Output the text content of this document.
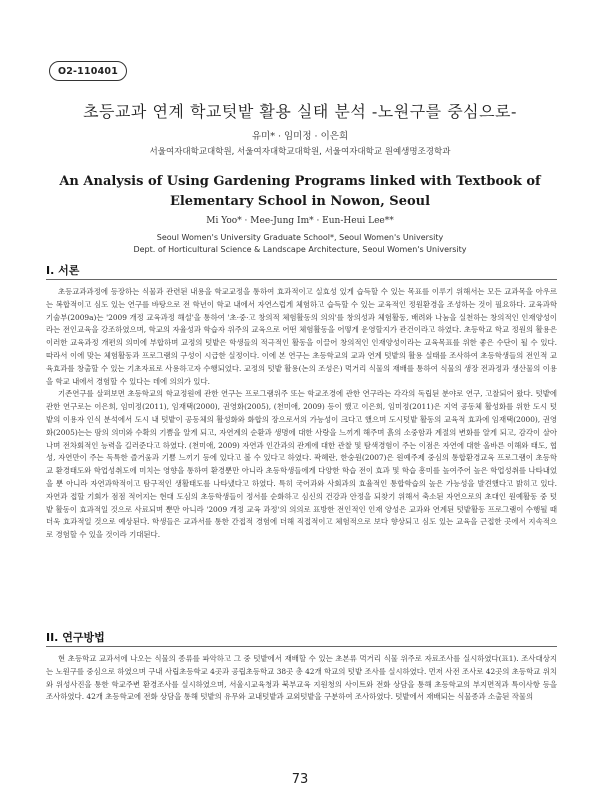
O2-110401
초등교과 연계 학교텃밭 활용 실태 분석 -노원구를 중심으로-
유미* · 임미정 · 이은희
서울여자대학교대학원, 서울여자대학교대학원, 서울여자대학교 원예생명조경학과
An Analysis of Using Gardening Programs linked with Textbook of
Elementary School in Nowon, Seoul
Mi Yoo* · Mee-Jung Im* · Eun-Heui Lee**
Seoul Women's University Graduate School*, Seoul Women's University
Dept. of Horticultural Science & Landscape Architecture, Seoul Women's University
I. 서론

초등교과과정에 등장하는 식물과 관련된 내용을 학교교정을 통하여 효과적이고 실효성 있게 습득할 수 있는 목표를 이루기 위해서는 모든 교과목을 아우르는 복합적이고 심도 있는 연구를 바탕으로 전 학년이 학교 내에서 자연스럽게 체험하고 습득할 수 있는 교육적인 정원환경을 조성하는 것이 필요하다. 교육과학 기술부(2009a)는 '2009 개정 교육과정 해설'을 통하여 '초·중·고 창의적 체험활동의 의의'를 창의성과 체험활동, 배려와 나눔을 실천하는 창의적인 인재양성이라는 전인교육을 강조하였으며, 학교의 자율성과 학습자 위주의 교육으로 어떤 체험활동을 어떻게 운영할지가 관건이라고 하였다. 초등학교 학교 정원의 활용은 이러한 교육과정 개편의 의미에 부합하며 교정의 텃밭은 학생들의 적극적인 활동을 이끌어 창의적인 인재양성이라는 교육목표를 위한 좋은 수단이 될 수 있다. 따라서 이에 맞는 체험활동과 프로그램의 구성이 시급한 실정이다. 이에 본 연구는 초등학교의 교과 연계 텃밭의 활용 실태를 조사하여 초등학생들의 전인적 교육효과를 창출할 수 있는 기초자료로 사용하고자 수행되었다. 교정의 텃밭 활용(논의 조성은) 먹거리 식물의 재배를 통하여 식물의 생장 전과정과 생산물의 이용을 학교 내에서 경험할 수 있다는 데에 의의가 있다.

기존연구를 살펴보면 초등학교의 학교정원에 관한 연구는 프로그램위주 또는 학교조경에 관한 연구라는 각각의 독립된 분야로 연구, 고찰되어 왔다. 텃밭에 관한 연구로는 이은희, 임미정(2011), 임재택(2000), 권영화(2005), (천미애, 2009) 등이 했고 이은희, 임미정(2011)은 지역 공동체 활성화를 위한 도시 텃밭의 이용자 인식 분석에서 도시 내 텃밭이 공동체의 활성화와 화합의 장으로서의 가능성이 크다고 했으며 도시텃밭 활동의 교육적 효과에 임재택(2000), 권영화(2005)는는 땀의 의미와 수확의 기쁨을 알게 되고, 자연계의 순환과 생명에 대한 사랑을 느끼게 해주며 흙의 소중함과 계절의 변화를 알게 되고, 감각이 살아나며 전차회적인 능력을 길러준다고 하였다. (천미애, 2009) 자연과 인간과의 관계에 대한 관찰 및 탐색경험이 주는 이점은 자연에 대한 올바른 이해와 태도, 협성, 자연만이 주는 독특한 즐거움과 기쁨 느끼기 등에 있다고 볼 수 있다고 하였다. 곽혜란, 한숭원(2007)은 원예주제 중심의 통합환경교육 프로그램이 초등학교 환경태도와 학업성취도에 미치는 영향을 통하여 환경뿐만 아니라 초등학생들에게 다양한 학습 전이 효과 및 학습 흥미를 높여주어 높은 학업성취를 나타내었을 뿐 아니라 자연과학적이고 탐구적인 생활태도를 나타냈다고 하였다. 특히 국어과와 사회과의 효율적인 통합학습의 높은 가능성을 발견했다고 밝히고 있다. 자연과 접할 기회가 점점 적어지는 현대 도심의 초등학생들이 정서를 순화하고 심신의 건강과 안정을 되찾기 위해서 축소된 자연으로의 초대인 원예활동 중 텃밭 활동이 효과적일 것으로 사료되며 뿐만 아니라 '2009 개정 교육 과정'의 의의로 표방한 전인적인 인재 양성은 교과와 연계된 텃밭활동 프로그램이 수행될 때 더욱 효과적일 것으로 예상된다. 학생들은 교과서를 통한 간접적 경험에 더해 직접적이고 체험적으로 보다 향상되고 심도 있는 교육을 근접한 곳에서 지속적으로 경험할 수 있을 것이라 기대된다.

II. 연구방법

현 초등학교 교과서에 나오는 식물의 종류를 파악하고 그 중 텃밭에서 재배할 수 있는 초본류 먹거리 식물 위주로 자료조사를 실시하였다(표1). 조사대상지는 노원구를 중심으로 하였으며 구내 사립초등학교 4곳과 공립초등학교 38곳 총 42개 학교의 텃밭 조사를 실시하였다. 먼저 사전 조사로 42곳의 초등학교 위치와 위성사진을 통한 학교주변 환경조사를 실시하였으며, 서울시교육청과 북부교육 지원청의 사이트와 전화 상담을 통해 초등학교의 부지면적과 특이사항 등을 조사하였다. 42개 초등학교에 전화 상담을 통해 텃밭의 유무와 교내텃밭과 교외텃밭을 구분하여 조사하였다. 텃밭에서 재배되는 식물종과 소출된 작물의

73
